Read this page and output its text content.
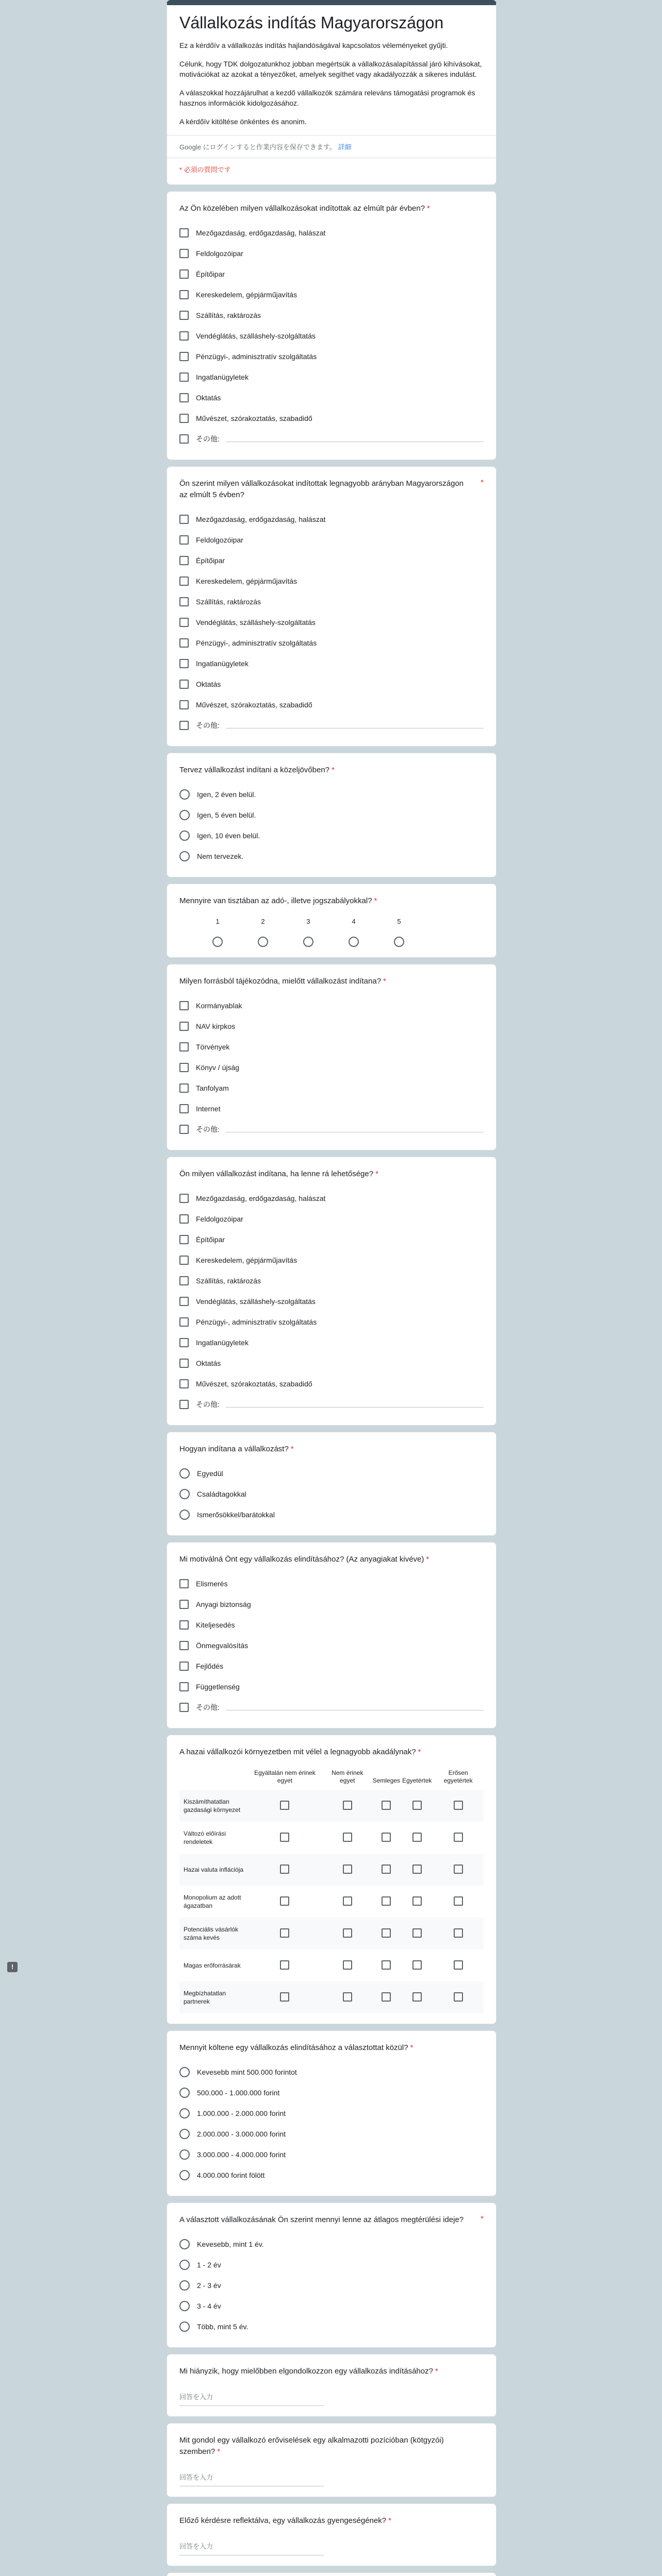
Vállalkozás indítás Magyarországon

Ez a kérdőív a vállalkozás indítás hajlandóságával kapcsolatos véleményeket gyűjti.

Célunk, hogy TDK dolgozatunkhoz jobban megértsük a vállalkozásalapítással járó kihívásokat, motivációkat az azokat a tényezőket, amelyek segíthet vagy akadályozzák a sikeres indulást.

A válaszokkal hozzájárulhat a kezdő vállalkozók számára releváns támogatási programok és hasznos információk kidolgozásához.

A kérdőív kitöltése önkéntes és anonim.

Google にログインすると作業内容を保存できます。 詳細
* 必須の質問です
Az Ön közelében milyen vállalkozásokat indítottak az elmúlt pár évben? *
Mezőgazdaság, erdőgazdaság, halászat
Feldolgozóipar
Építőipar
Kereskedelem, gépjárműjavítás
Szállítás, raktározás
Vendéglátás, szálláshely-szolgáltatás
Pénzügyi-, adminisztratív szolgáltatás
Ingatlanügyletek
Oktatás
Művészet, szórakoztatás, szabadidő
その他:
Ön szerint milyen vállalkozásokat indítottak legnagyobb arányban Magyarországon az elmúlt 5 évben?
*
Mezőgazdaság, erdőgazdaság, halászat
Feldolgozóipar
Építőipar
Kereskedelem, gépjárműjavítás
Szállítás, raktározás
Vendéglátás, szálláshely-szolgáltatás
Pénzügyi-, adminisztratív szolgáltatás
Ingatlanügyletek
Oktatás
Művészet, szórakoztatás, szabadidő
その他:
Tervez vállalkozást indítani a közeljövőben? *
Igen, 2 éven belül.
Igen, 5 éven belül.
Igen, 10 éven belül.
Nem tervezek.
Mennyire van tisztában az adó-, illetve jogszabályokkal? *
1	2	3	4	5
Milyen forrásból tájékozódna, mielőtt vállalkozást indítana? *
Kormányablak
NAV kirpkos
Törvények
Könyv / újság
Tanfolyam
Internet
その他:
Ön milyen vállalkozást indítana, ha lenne rá lehetősége? *
Mezőgazdaság, erdőgazdaság, halászat
Feldolgozóipar
Építőipar
Kereskedelem, gépjárműjavítás
Szállítás, raktározás
Vendéglátás, szálláshely-szolgáltatás
Pénzügyi-, adminisztratív szolgáltatás
Ingatlanügyletek
Oktatás
Művészet, szórakoztatás, szabadidő
その他:
Hogyan indítana a vállalkozást? *
Egyedül
Családtagokkal
Ismerősökkel/barátokkal
Mi motiválná Önt egy vállalkozás elindításához? (Az anyagiakat kivéve) *
Elismerés
Anyagi biztonság
Kiteljesedés
Önmegvalósítás
Fejlődés
Függetlenség
その他:
A hazai vállalkozói környezetben mit vélel a legnagyobb akadálynak? *
	Egyáltalán nem érinek egyet	Nem érinek egyet	Semleges	Egyetértek	Erősen egyetértek
Kiszámíthatatlan gazdasági környezet					
Változó előírási rendeletek					
Hazai valuta inflációja					
Monopolium az adott ágazatban					
Potenciális vásárlók száma kevés					
Magas erőforrásárak					
Megbízhatatlan partnerek					
Mennyit költene egy vállalkozás elindításához a választottat közül? *
Kevesebb mint 500.000 forintot
500.000 - 1.000.000 forint
1.000.000 - 2.000.000 forint
2.000.000 - 3.000.000 forint
3.000.000 - 4.000.000 forint
4.000.000 forint fölött
A választott vállalkozásának Ön szerint mennyi lenne az átlagos megtérülési ideje?	*
Kevesebb, mint 1 év.
1 - 2 év
2 - 3 év
3 - 4 év
Több, mint 5 év.
Mi hiányzik, hogy mielőbben elgondolkozzon egy vállalkozás indításához? *
回答を入力
Mit gondol egy vállalkozó erőviselések egy alkalmazotti pozícióban (kötgyzói) szemben? *
回答を入力
Előző kérdésre reflektálva, egy vállalkozás gyengeségének? *
回答を入力
!
